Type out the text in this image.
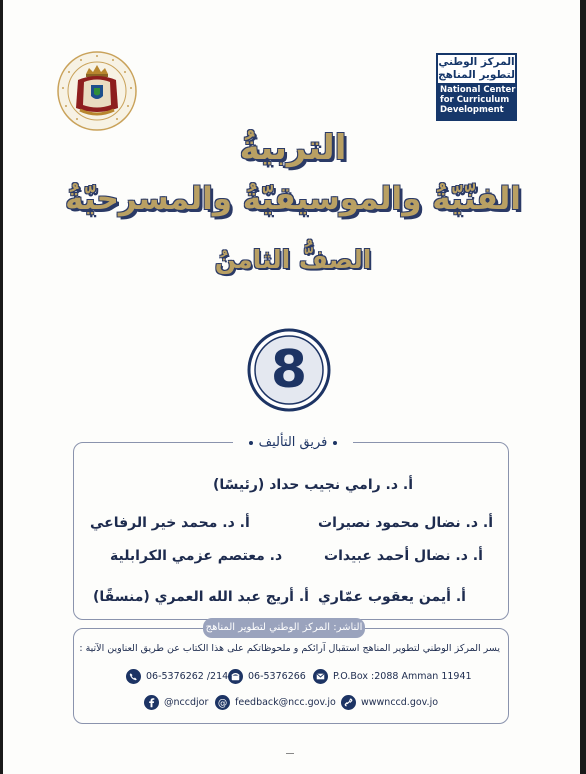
المركز الوطني
لتطوير المناهج
National Center
for Curriculum
Development
التربيةُ
الفنّيّةُ والموسيقيّةُ والمسرحيّةُ
الصفُّ الثامنُ
8
فريق التأليف
أ. د. رامي نجيب حداد (رئيسًا)
أ. د. نضال محمود نصيرات
أ. د. محمد خير الرفاعي
أ. د. نضال أحمد عبيدات
د. معتصم عزمي الكرابلية
أ. أيمن يعقوب عمّاري
أ. أريج عبد الله العمري (منسقًا)
الناشر: المركز الوطني لتطوير المناهج
يسر المركز الوطني لتطوير المناهج استقبال آرائكم و ملحوظاتكم على هذا الكتاب عن طريق العناوين الآتية :
06-5376262 /214 06-5376266	P.O.Box :2088 Amman 11941
@nccdjor @ feedback@ncc.gov.jo	wwwnccd.gov.jo
